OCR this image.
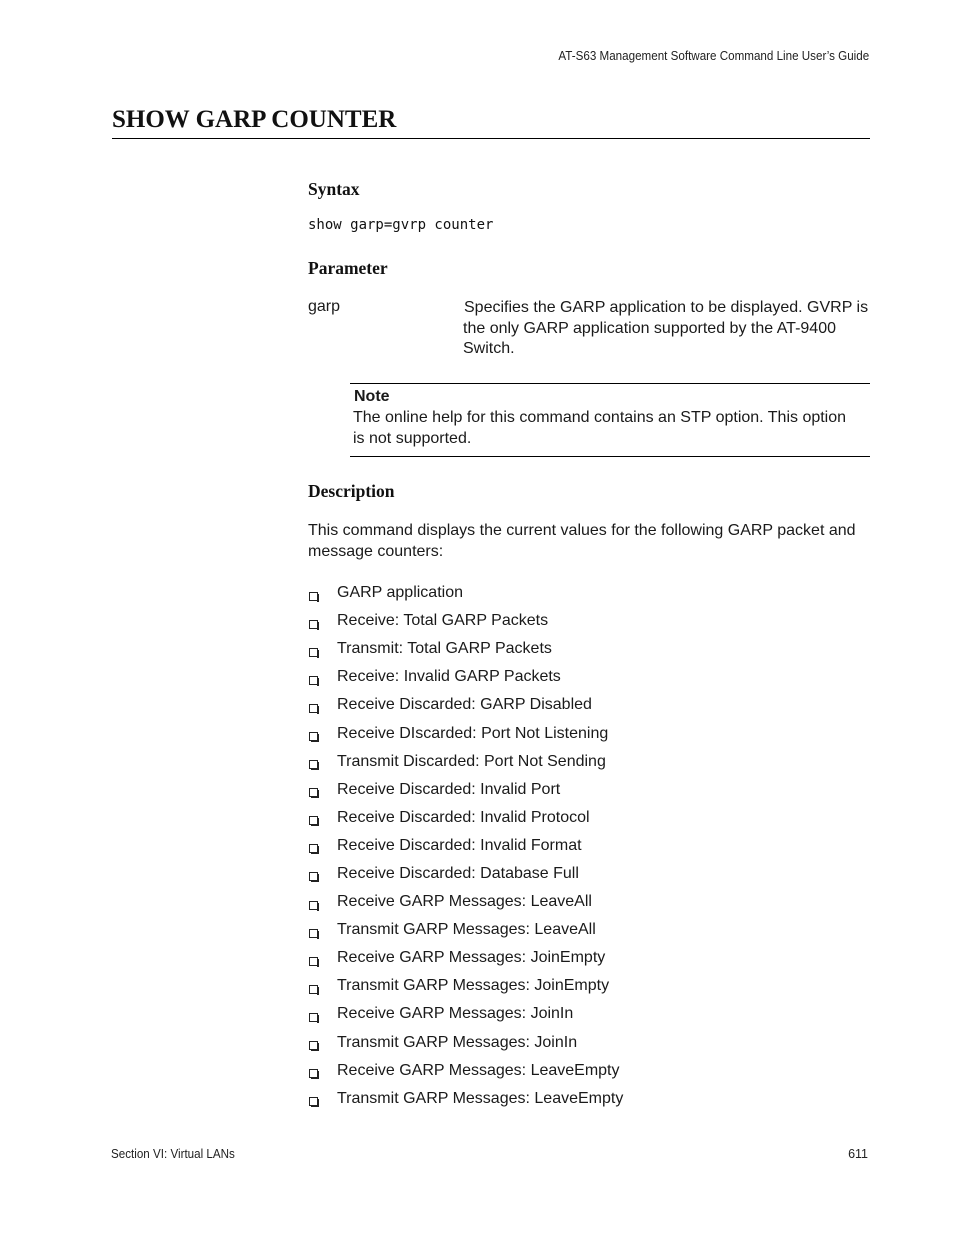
AT-S63 Management Software Command Line User’s Guide
SHOW GARP COUNTER
Syntax
show garp=gvrp counter
Parameter
garp	Specifies the GARP application to be displayed. GVRP is the only GARP application supported by the AT-9400 Switch.
Note
The online help for this command contains an STP option. This option is not supported.
Description
This command displays the current values for the following GARP packet and message counters:
GARP application
Receive: Total GARP Packets
Transmit: Total GARP Packets
Receive: Invalid GARP Packets
Receive Discarded: GARP Disabled
Receive DIscarded: Port Not Listening
Transmit Discarded: Port Not Sending
Receive Discarded: Invalid Port
Receive Discarded: Invalid Protocol
Receive Discarded: Invalid Format
Receive Discarded: Database Full
Receive GARP Messages: LeaveAll
Transmit GARP Messages: LeaveAll
Receive GARP Messages: JoinEmpty
Transmit GARP Messages: JoinEmpty
Receive GARP Messages: JoinIn
Transmit GARP Messages: JoinIn
Receive GARP Messages: LeaveEmpty
Transmit GARP Messages: LeaveEmpty
Section VI: Virtual LANs	611
